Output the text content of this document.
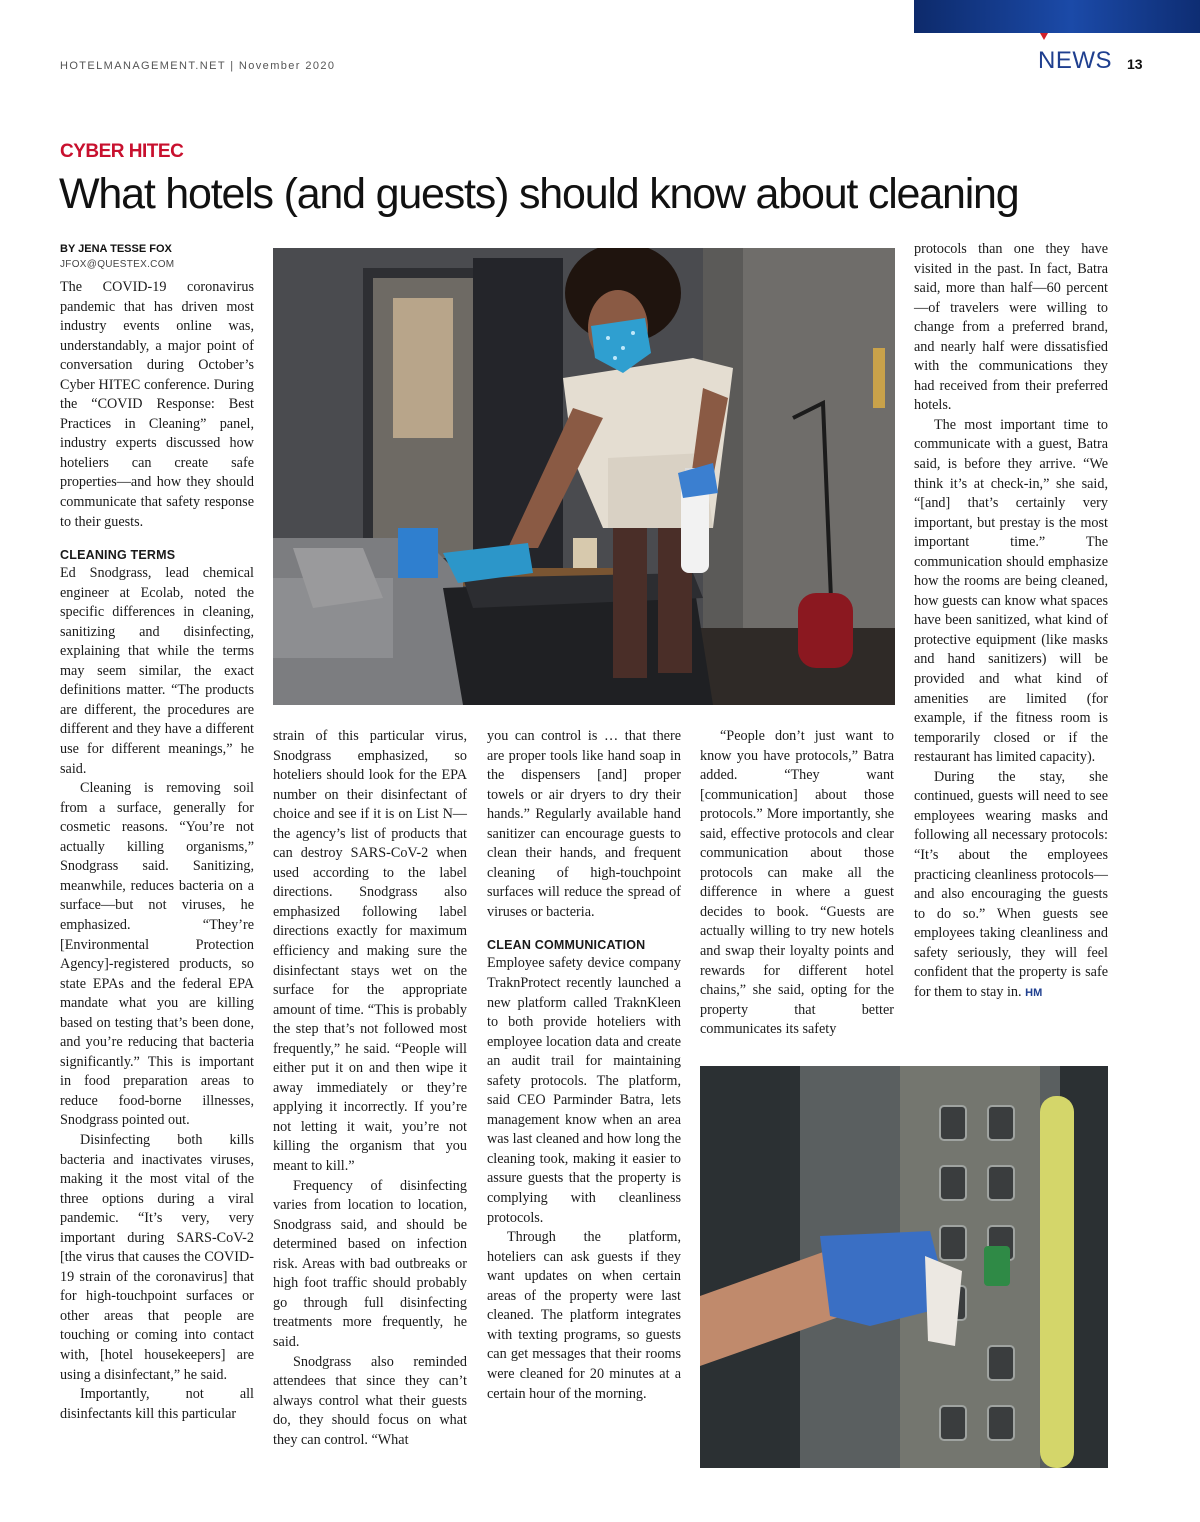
HOTELMANAGEMENT.NET | November 2020	NEWS 13
CYBER HITEC
What hotels (and guests) should know about cleaning
BY JENA TESSE FOX
JFOX@QUESTEX.COM

The COVID-19 coronavirus pandemic that has driven most industry events online was, understandably, a major point of conversation during October’s Cyber HITEC conference. During the “COVID Response: Best Practices in Cleaning” panel, industry experts discussed how hoteliers can create safe properties—and how they should communicate that safety response to their guests.

CLEANING TERMS

Ed Snodgrass, lead chemical engineer at Ecolab, noted the specific differences in cleaning, sanitizing and disinfecting, explaining that while the terms may seem similar, the exact definitions matter. “The products are different, the procedures are different and they have a different use for different meanings,” he said.

Cleaning is removing soil from a surface, generally for cosmetic reasons. “You’re not actually killing organisms,” Snodgrass said. Sanitizing, meanwhile, reduces bacteria on a surface—but not viruses, he emphasized. “They’re [Environmental Protection Agency]-registered products, so state EPAs and the federal EPA mandate what you are killing based on testing that’s been done, and you’re reducing that bacteria significantly.” This is important in food preparation areas to reduce food-borne illnesses, Snodgrass pointed out.

Disinfecting both kills bacteria and inactivates viruses, making it the most vital of the three options during a viral pandemic. “It’s very, very important during SARS-CoV-2 [the virus that causes the COVID-19 strain of the coronavirus] that for high-touchpoint surfaces or other areas that people are touching or coming into contact with, [hotel housekeepers] are using a disinfectant,” he said.

Importantly, not all disinfectants kill this particular

strain of this particular virus, Snodgrass emphasized, so hoteliers should look for the EPA number on their disinfectant of choice and see if it is on List N—the agency’s list of products that can destroy SARS-CoV-2 when used according to the label directions. Snodgrass also emphasized following label directions exactly for maximum efficiency and making sure the disinfectant stays wet on the surface for the appropriate amount of time. “This is probably the step that’s not followed most frequently,” he said. “People will either put it on and then wipe it away immediately or they’re applying it incorrectly. If you’re not letting it wait, you’re not killing the organism that you meant to kill.”

Frequency of disinfecting varies from location to location, Snodgrass said, and should be determined based on infection risk. Areas with bad outbreaks or high foot traffic should probably go through full disinfecting treatments more frequently, he said.

Snodgrass also reminded attendees that since they can’t always control what their guests do, they should focus on what they can control. “What

you can control is … that there are proper tools like hand soap in the dispensers [and] proper towels or air dryers to dry their hands.” Regularly available hand sanitizer can encourage guests to clean their hands, and frequent cleaning of high-touchpoint surfaces will reduce the spread of viruses or bacteria.

CLEAN COMMUNICATION

Employee safety device company TraknProtect recently launched a new platform called TraknKleen to both provide hoteliers with employee location data and create an audit trail for maintaining safety protocols. The platform, said CEO Parminder Batra, lets management know when an area was last cleaned and how long the cleaning took, making it easier to assure guests that the property is complying with cleanliness protocols.

Through the platform, hoteliers can ask guests if they want updates on when certain areas of the property were last cleaned. The platform integrates with texting programs, so guests can get messages that their rooms were cleaned for 20 minutes at a certain hour of the morning.

“People don’t just want to know you have protocols,” Batra added. “They want [communication] about those protocols.” More importantly, she said, effective protocols and clear communication about those protocols can make all the difference in where a guest decides to book. “Guests are actually willing to try new hotels and swap their loyalty points and rewards for different hotel chains,” she said, opting for the property that better communicates its safety

protocols than one they have visited in the past. In fact, Batra said, more than half—60 percent—of travelers were willing to change from a preferred brand, and nearly half were dissatisfied with the communications they had received from their preferred hotels.

The most important time to communicate with a guest, Batra said, is before they arrive. “We think it’s at check-in,” she said, “[and] that’s certainly very important, but prestay is the most important time.” The communication should emphasize how the rooms are being cleaned, how guests can know what spaces have been sanitized, what kind of protective equipment (like masks and hand sanitizers) will be provided and what kind of amenities are limited (for example, if the fitness room is temporarily closed or if the restaurant has limited capacity).

During the stay, she continued, guests will need to see employees wearing masks and following all necessary protocols: “It’s about the employees practicing cleanliness protocols—and also encouraging the guests to do so.” When guests see employees taking cleanliness and safety seriously, they will feel confident that the property is safe for them to stay in. HM
